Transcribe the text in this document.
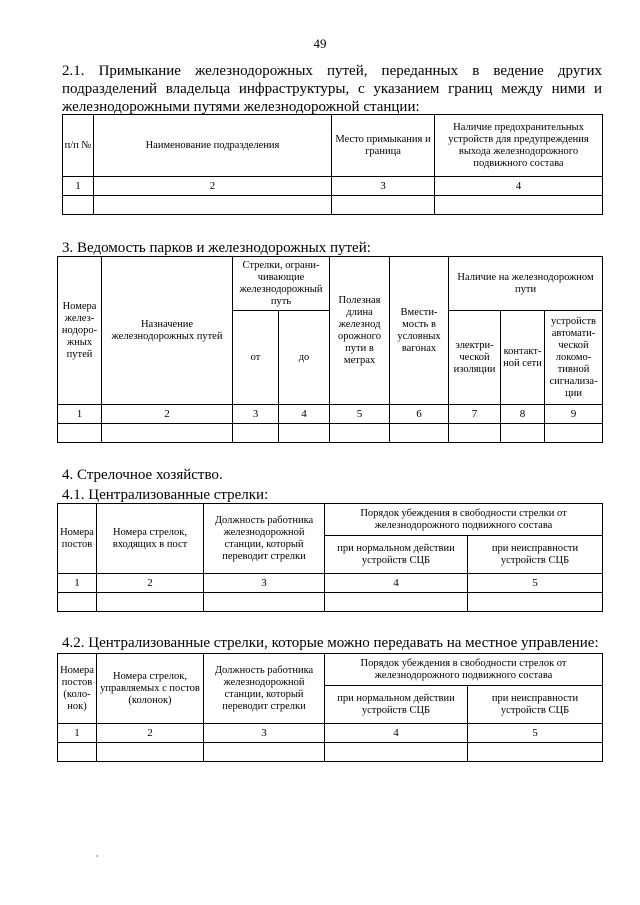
49
2.1. Примыкание железнодорожных путей, переданных в ведение других подразделений владельца инфраструктуры, с указанием границ между ними и железнодорожными путями железнодорожной станции:
п/п №	Наименование подразделения	Место примыкания и граница	Наличие предохранительных устройств для предупреждения выхода железнодорожного подвижного состава
1	2	3	4

3. Ведомость парков и железнодорожных путей:
Номера желез-нодоро-жных путей	Назначение железнодорожных путей	Стрелки, ограни-чивающие железнодорожный путь		Полезная длина железнод орожного пути в метрах	Вмести-мость в условных вагонах	Наличие на железнодорожном пути		
		от	до			электри-ческой изоляции	контакт-ной сети	устройств автомати-ческой локомо-тивной сигнализа-ции
1	2	3	4	5	6	7	8	9

4. Стрелочное хозяйство.
4.1. Централизованные стрелки:
Номера постов	Номера стрелок, входящих в пост	Должность работника железнодорожной станции, который переводит стрелки	Порядок убеждения в свободности стрелки от железнодорожного подвижного состава	
			при нормальном действии устройств СЦБ	при неисправности устройств СЦБ
1	2	3	4	5

4.2. Централизованные стрелки, которые можно передавать на местное управление:
Номера постов (коло-нок)	Номера стрелок, управляемых с постов (колонок)	Должность работника железнодорожной станции, который переводит стрелки	Порядок убеждения в свободности стрелок от железнодорожного подвижного состава	
			при нормальном действии устройств СЦБ	при неисправности устройств СЦБ
1	2	3	4	5
